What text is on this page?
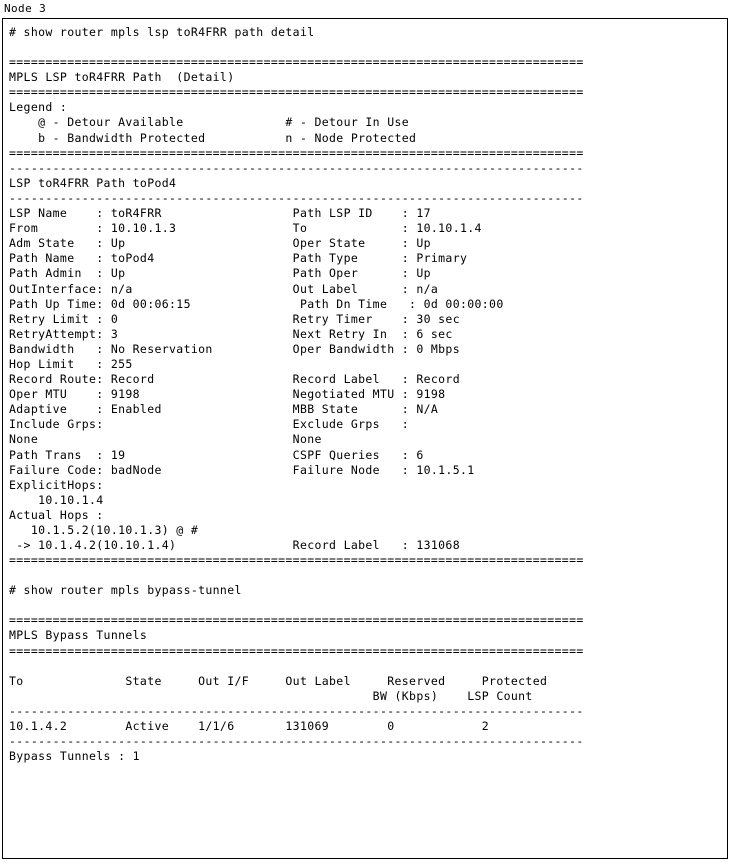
Node 3
# show router mpls lsp toR4FRR path detail
===============================================================================
MPLS LSP toR4FRR Path  (Detail)
===============================================================================
Legend :
@ - Detour Available              # - Detour In Use
b - Bandwidth Protected           n - Node Protected
===============================================================================
-------------------------------------------------------------------------------
LSP toR4FRR Path toPod4
-------------------------------------------------------------------------------
LSP Name    : toR4FRR                  Path LSP ID    : 17
From        : 10.10.1.3                To             : 10.10.1.4
Adm State   : Up                       Oper State     : Up
Path Name   : toPod4                   Path Type      : Primary
Path Admin  : Up                       Path Oper      : Up
OutInterface: n/a                      Out Label      : n/a
Path Up Time: 0d 00:06:15               Path Dn Time   : 0d 00:00:00
Retry Limit : 0                        Retry Timer    : 30 sec
RetryAttempt: 3                        Next Retry In  : 6 sec
Bandwidth   : No Reservation           Oper Bandwidth : 0 Mbps
Hop Limit   : 255
Record Route: Record                   Record Label   : Record
Oper MTU    : 9198                     Negotiated MTU : 9198
Adaptive    : Enabled                  MBB State      : N/A
Include Grps:                          Exclude Grps   :
None                                   None
Path Trans  : 19                       CSPF Queries   : 6
Failure Code: badNode                  Failure Node   : 10.1.5.1
ExplicitHops:
10.10.1.4
Actual Hops :
10.1.5.2(10.10.1.3) @ #
-> 10.1.4.2(10.10.1.4)                Record Label   : 131068
===============================================================================
# show router mpls bypass-tunnel
===============================================================================
MPLS Bypass Tunnels
===============================================================================
To              State     Out I/F     Out Label     Reserved     Protected
BW (Kbps)    LSP Count
-------------------------------------------------------------------------------
10.1.4.2        Active    1/1/6       131069        0            2
-------------------------------------------------------------------------------
Bypass Tunnels : 1
